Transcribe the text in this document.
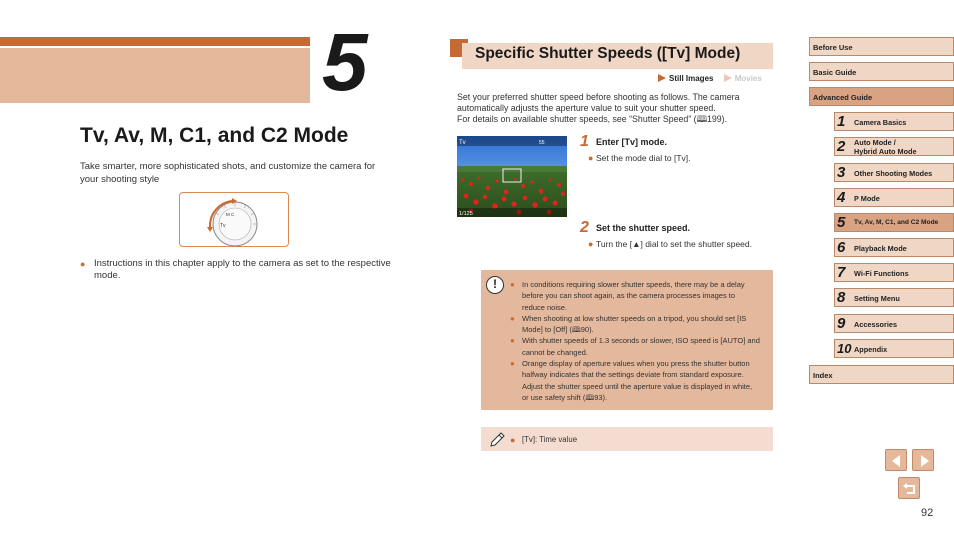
5
Tv, Av, M, C1, and C2 Mode
Take smarter, more sophisticated shots, and customize the camera for your shooting style
Tv
M C
● Instructions in this chapter apply to the camera as set to the respective mode.
Specific Shutter Speeds ([Tv] Mode)
Still Images	Movies
Set your preferred shutter speed before shooting as follows. The camera automatically adjusts the aperture value to suit your shutter speed.
For details on available shutter speeds, see “Shutter Speed” (🕮199).
Tv	55
1/125
1 Enter [Tv] mode.
● Set the mode dial to [Tv].
2 Set the shutter speed.
● Turn the [▲] dial to set the shutter speed.
!	● In conditions requiring slower shutter speeds, there may be a delay before you can shoot again, as the camera processes images to reduce noise.
● When shooting at low shutter speeds on a tripod, you should set [IS Mode] to [Off] (🕮90).
● With shutter speeds of 1.3 seconds or slower, ISO speed is [AUTO] and cannot be changed.
● Orange display of aperture values when you press the shutter button halfway indicates that the settings deviate from standard exposure. Adjust the shutter speed until the aperture value is displayed in white, or use safety shift (🕮93).
● [Tv]: Time value
Before Use
Basic Guide
Advanced Guide
1 Camera Basics
2 Auto Mode /
Hybrid Auto Mode
3 Other Shooting Modes
4 P Mode
5 Tv, Av, M, C1, and C2 Mode
6 Playback Mode
7 Wi-Fi Functions
8 Setting Menu
9 Accessories
10 Appendix
Index
92
